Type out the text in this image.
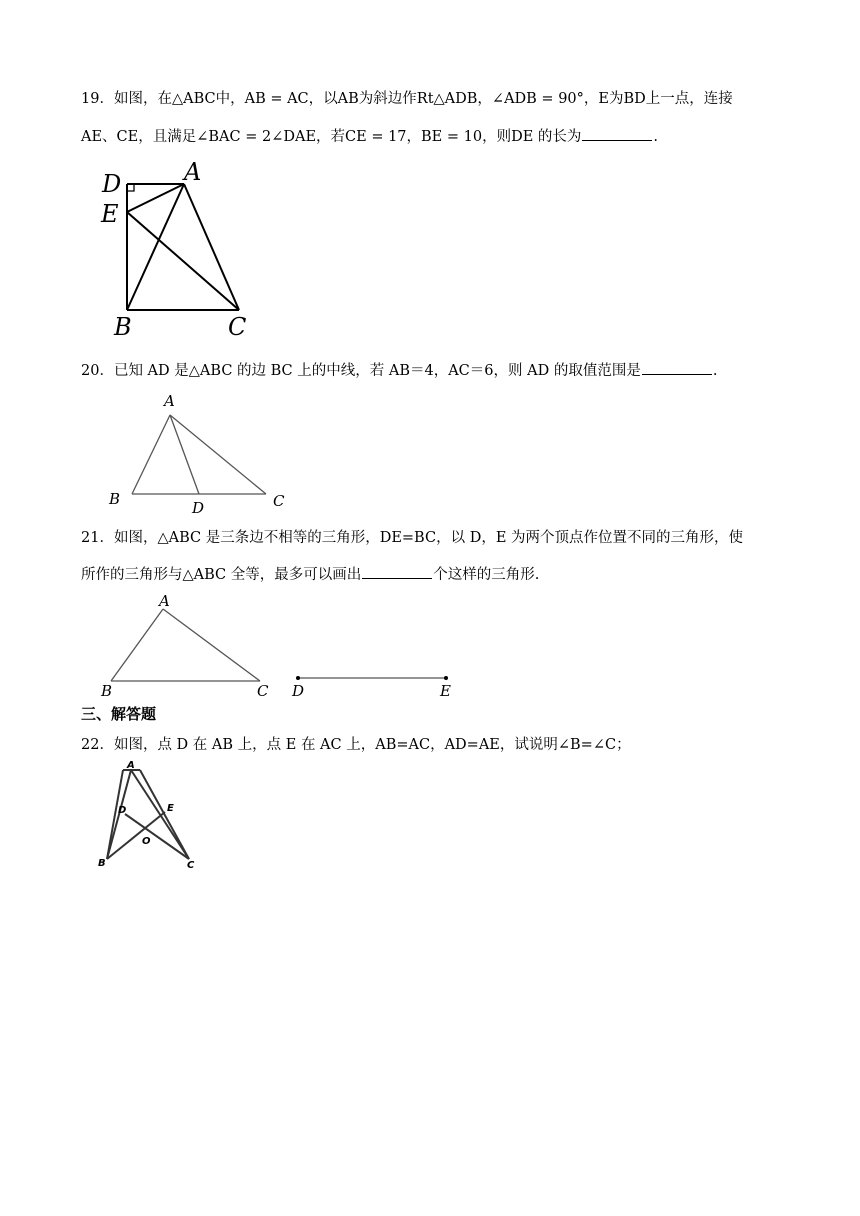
19．如图，在△ABC中，AB = AC，以AB为斜边作Rt△ADB，∠ADB = 90°，E为BD上一点，连接
AE、CE，且满足∠BAC = 2∠DAE，若CE = 17，BE = 10，则DE 的长为	.
D	A
E
B	C
20．已知 AD 是△ABC 的边 BC 上的中线，若 AB＝4，AC＝6，则 AD 的取值范围是	.
A
B	C
D
21．如图，△ABC 是三条边不相等的三角形，DE=BC，以 D，E 为两个顶点作位置不同的三角形，使
所作的三角形与△ABC 全等，最多可以画出	个这样的三角形.
A
B	C D	E
三、解答题
22．如图，点 D 在 AB 上，点 E 在 AC 上，AB=AC，AD=AE，试说明∠B=∠C；
A
D	E
O
B	C
